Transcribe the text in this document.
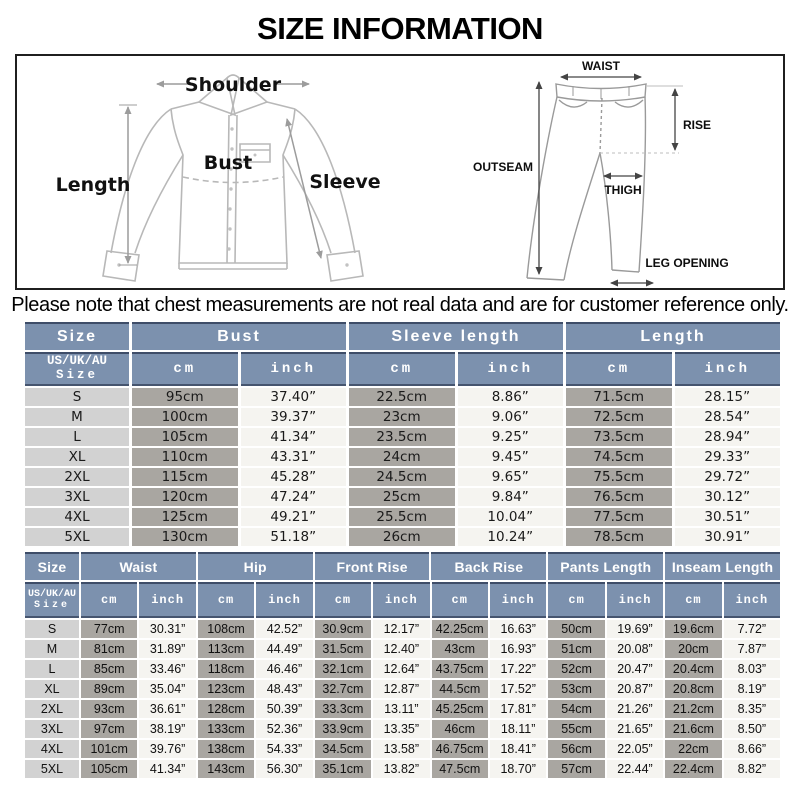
SIZE INFORMATION
Shoulder
Length
Bust
Sleeve
WAIST
RISE
OUTSEAM
THIGH
LEG OPENING

Please note that chest measurements are not real data and are for customer reference only.

Size	Bust	Sleeve length	Length
US/UK/AU
Size	cm	inch	cm	inch	cm	inch
S	95cm	37.40”	22.5cm	8.86”	71.5cm	28.15”
M	100cm	39.37”	23cm	9.06”	72.5cm	28.54”
L	105cm	41.34”	23.5cm	9.25”	73.5cm	28.94”
XL	110cm	43.31”	24cm	9.45”	74.5cm	29.33”
2XL	115cm	45.28”	24.5cm	9.65”	75.5cm	29.72”
3XL	120cm	47.24”	25cm	9.84”	76.5cm	30.12”
4XL	125cm	49.21”	25.5cm	10.04”	77.5cm	30.51”
5XL	130cm	51.18”	26cm	10.24”	78.5cm	30.91”
Size	Waist	Hip	Front Rise	Back Rise	Pants Length	Inseam Length
US/UK/AU
Size	cm	inch	cm	inch	cm	inch	cm	inch	cm	inch	cm	inch
S	77cm	30.31”	108cm	42.52”	30.9cm	12.17”	42.25cm	16.63”	50cm	19.69”	19.6cm	7.72”
M	81cm	31.89”	113cm	44.49”	31.5cm	12.40”	43cm	16.93”	51cm	20.08”	20cm	7.87”
L	85cm	33.46”	118cm	46.46”	32.1cm	12.64”	43.75cm	17.22”	52cm	20.47”	20.4cm	8.03”
XL	89cm	35.04”	123cm	48.43”	32.7cm	12.87”	44.5cm	17.52”	53cm	20.87”	20.8cm	8.19”
2XL	93cm	36.61”	128cm	50.39”	33.3cm	13.11”	45.25cm	17.81”	54cm	21.26”	21.2cm	8.35”
3XL	97cm	38.19”	133cm	52.36”	33.9cm	13.35”	46cm	18.11”	55cm	21.65”	21.6cm	8.50”
4XL	101cm	39.76”	138cm	54.33”	34.5cm	13.58”	46.75cm	18.41”	56cm	22.05”	22cm	8.66”
5XL	105cm	41.34”	143cm	56.30”	35.1cm	13.82”	47.5cm	18.70”	57cm	22.44”	22.4cm	8.82”
